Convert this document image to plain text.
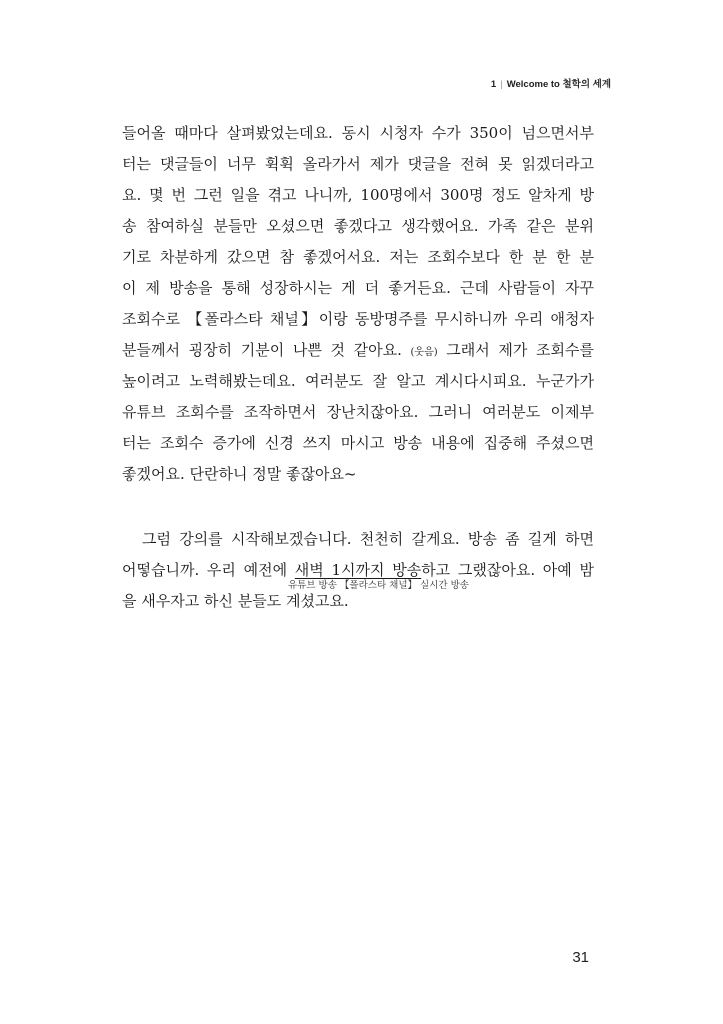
1 | Welcome to 철학의 세계
들어올 때마다 살펴봤었는데요. 동시 시청자 수가 350이 넘으면서부
터는 댓글들이 너무 휙휙 올라가서 제가 댓글을 전혀 못 읽겠더라고
요. 몇 번 그런 일을 겪고 나니까, 100명에서 300명 정도 알차게 방
송 참여하실 분들만 오셨으면 좋겠다고 생각했어요. 가족 같은 분위
기로 차분하게 갔으면 참 좋겠어서요. 저는 조회수보다 한 분 한 분
이 제 방송을 통해 성장하시는 게 더 좋거든요. 근데 사람들이 자꾸
조회수로 【폴라스타 채널】이랑 동방명주를 무시하니까 우리 애청자
분들께서 굉장히 기분이 나쁜 것 같아요. (웃음) 그래서 제가 조회수를
높이려고 노력해봤는데요. 여러분도 잘 알고 계시다시피요. 누군가가
유튜브 조회수를 조작하면서 장난치잖아요. 그러니 여러분도 이제부
터는 조회수 증가에 신경 쓰지 마시고 방송 내용에 집중해 주셨으면
좋겠어요. 단란하니 정말 좋잖아요~
그럼 강의를 시작해보겠습니다. 천천히 갈게요. 방송 좀 길게 하면
어떻습니까. 우리 예전에 새벽 1시까지 방송하고 그랬잖아요. 아예 밤
유튜브 방송 【폴라스타 채널】 실시간 방송
을 새우자고 하신 분들도 계셨고요.
31
